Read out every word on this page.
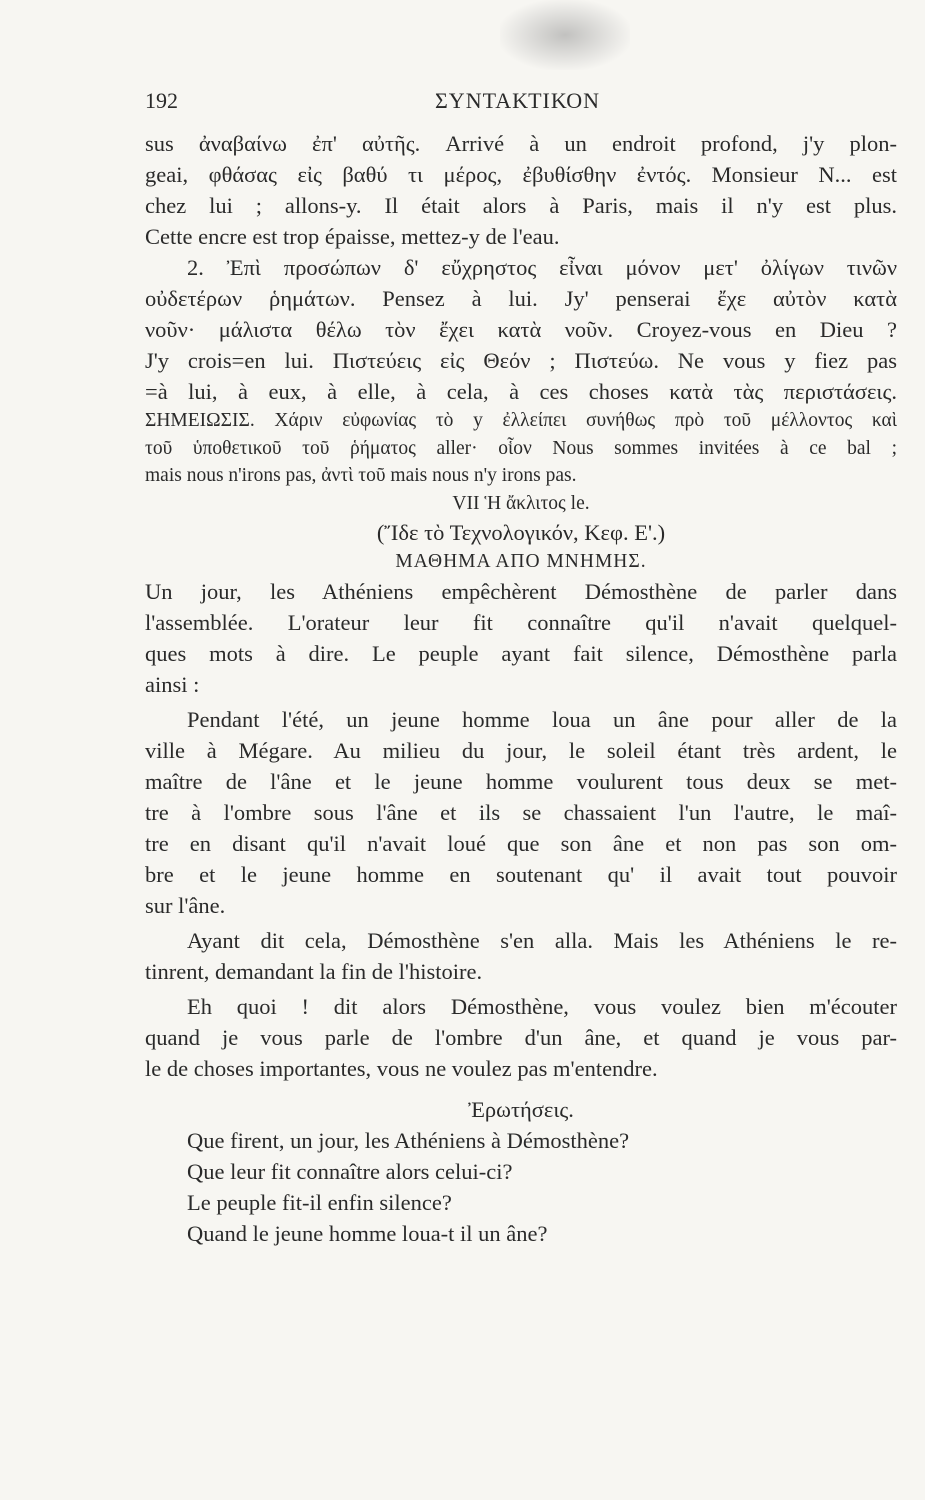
192	ΣΥΝΤΑΚΤΙΚΟΝ
sus ἀναβαίνω ἐπ' αὐτῆς. Arrivé à un endroit profond, j'y plon-
geai, φθάσας εἰς βαθύ τι μέρος, ἐβυθίσθην ἐντός. Monsieur N... est
chez lui ; allons-y. Il était alors à Paris, mais il n'y est plus.
Cette encre est trop épaisse, mettez-y de l'eau.
2. Ἐπὶ προσώπων δ' εὔχρηστος εἶναι μόνον μετ' ὀλίγων τινῶν
οὐδετέρων ῥημάτων. Pensez à lui. Jy' penserai ἔχε αὐτὸν κατὰ
νοῦν· μάλιστα θέλω τὸν ἔχει κατὰ νοῦν. Croyez-vous en Dieu ?
J'y crois=en lui. Πιστεύεις εἰς Θεόν ; Πιστεύω. Ne vous y fiez pas
=à lui, à eux, à elle, à cela, à ces choses κατὰ τὰς περιστάσεις.
ΣΗΜΕΙΩΣΙΣ. Χάριν εὐφωνίας τὸ y ἐλλείπει συνήθως πρὸ τοῦ μέλλοντος καὶ
τοῦ ὑποθετικοῦ τοῦ ῥήματος aller· οἷον Nous sommes invitées à ce bal ;
mais nous n'irons pas, ἀντὶ τοῦ mais nous n'y irons pas.
VII Ἡ ἄκλιτος le.
(Ἴδε τὸ Τεχνολογικόν, Κεφ. Ε'.)
ΜΑΘΗΜΑ ΑΠΟ ΜΝΗΜΗΣ.
Un jour, les Athéniens empêchèrent Démosthène de parler dans
l'assemblée. L'orateur leur fit connaître qu'il n'avait quelquel-
ques mots à dire. Le peuple ayant fait silence, Démosthène parla
ainsi :
Pendant l'été, un jeune homme loua un âne pour aller de la
ville à Mégare. Au milieu du jour, le soleil étant très ardent, le
maître de l'âne et le jeune homme voulurent tous deux se met-
tre à l'ombre sous l'âne et ils se chassaient l'un l'autre, le maî-
tre en disant qu'il n'avait loué que son âne et non pas son om-
bre et le jeune homme en soutenant qu' il avait tout pouvoir
sur l'âne.
Ayant dit cela, Démosthène s'en alla. Mais les Athéniens le re-
tinrent, demandant la fin de l'histoire.
Eh quoi ! dit alors Démosthène, vous voulez bien m'écouter
quand je vous parle de l'ombre d'un âne, et quand je vous par-
le de choses importantes, vous ne voulez pas m'entendre.
Ἐρωτήσεις.
Que firent, un jour, les Athéniens à Démosthène?
Que leur fit connaître alors celui-ci?
Le peuple fit-il enfin silence?
Quand le jeune homme loua-t il un âne?
